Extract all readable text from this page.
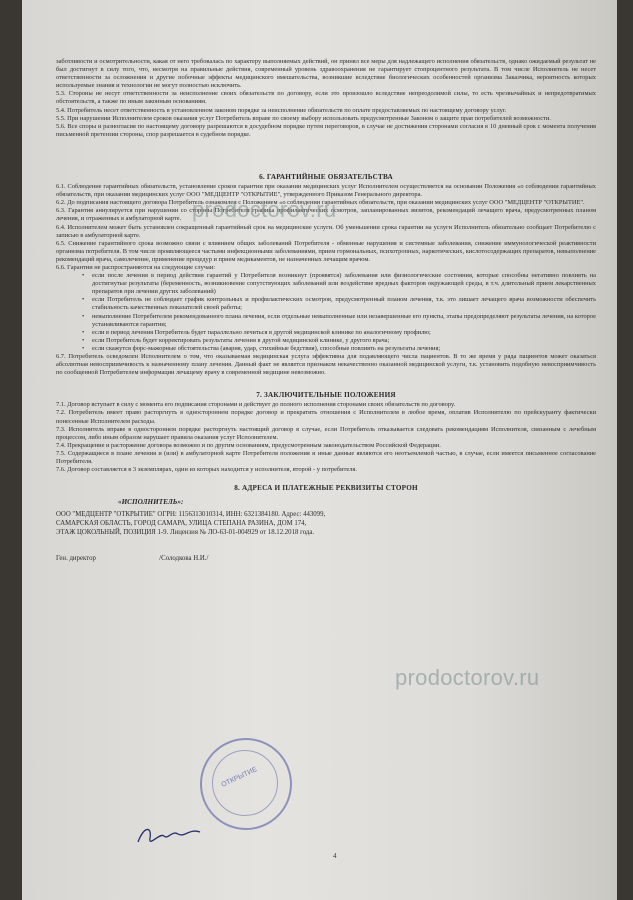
заботливости и осмотрительности, какая от него требовалась по характеру выполняемых действий, он принял все меры для надлежащего исполнения обязательств, однако ожидаемый результат не был достигнут в силу того, что, несмотря на правильные действия, современный уровень здравоохранения не гарантирует стопроцентного результата. В том числе Исполнитель не несет ответственности за осложнения и другие побочные эффекты медицинского вмешательства, возникшие вследствие биологических особенностей организма Заказчика, вероятность которых используемые знания и технологии не могут полностью исключить.

5.3. Стороны не несут ответственности за неисполнение своих обязательств по договору, если это произошло вследствие непреодолимой силы, то есть чрезвычайных и непредотвратимых обстоятельств, а также по иным законным основаниям.

5.4. Потребитель несет ответственность в установленном законом порядке за неисполнение обязательств по оплате предоставляемых по настоящему договору услуг.

5.5. При нарушении Исполнителем сроков оказания услуг Потребитель вправе по своему выбору использовать предусмотренные Законом о защите прав потребителей возможности.

5.6. Все споры и разногласия по настоящему договору разрешаются в досудебном порядке путем переговоров, в случае не достижения сторонами согласия в 10 дневный срок с момента получения письменной претензии стороны, спор разрешается в судебном порядке.

6. ГАРАНТИЙНЫЕ ОБЯЗАТЕЛЬСТВА

6.1. Соблюдение гарантийных обязательств, установление сроков гарантии при оказании медицинских услуг Исполнителем осуществляется на основании Положения «о соблюдении гарантийных обязательств, при оказании медицинских услуг ООО "МЕДЦЕНТР "ОТКРЫТИЕ", утвержденного Приказом Генерального директора.

6.2. До подписания настоящего договора Потребитель ознакомлен с Положением «о соблюдении гарантийных обязательств, при оказании медицинских услуг ООО "МЕДЦЕНТР "ОТКРЫТИЕ".

6.3. Гарантия аннулируется при нарушении со стороны Потребителя графика профилактических осмотров, запланированных визитов, рекомендаций лечащего врача, предусмотренных планом лечения, и отраженных в амбулаторной карте.

6.4. Исполнителем может быть установлен сокращенный гарантийный срок на медицинские услуги. Об уменьшении срока гарантии на услуги Исполнитель обязательно сообщает Потребителю с записью в амбулаторной карте.

6.5. Снижение гарантийного срока возможно связи с влиянием общих заболеваний Потребителя - обменные нарушения и системные заболевания, снижение иммунологической реактивности организма потребителя. В том числе проявляющееся частыми инфекционными заболеваниями, прием гормональных, психотропных, наркотических, кислотосодержащих препаратов, невыполнение рекомендаций врача, самолечение, применение процедур и прием медикаментов, не назначенных лечащим врачом.

6.6. Гарантии не распространяются на следующие случаи:

• если после лечения в период действия гарантий у Потребителя возникнут (проявятся) заболевания или физиологические состояния, которые способны негативно повлиять на достигнутые результаты (беременность, возникновение сопутствующих заболеваний или воздействие вредных факторов окружающей среды, в т.ч. длительный прием лекарственных препаратов при лечении других заболеваний)
• если Потребитель не соблюдает график контрольных и профилактических осмотров, предусмотренный планом лечения, т.к. это лишает лечащего врача возможности обеспечить стабильность качественных показателей своей работы;
• невыполнение Потребителем рекомендованного плана лечения, если отдельные невыполненные или незавершенные его пункты, этапы предопределяют результаты лечения, на которое устанавливаются гарантии;
• если в период лечения Потребитель будет параллельно лечиться в другой медицинской клинике по аналогичному профилю;
• если Потребитель будет корректировать результаты лечения в другой медицинской клинике, у другого врача;
• если скажутся форс-мажорные обстоятельства (авария, удар, стихийные бедствия), способные повлиять на результаты лечения;

6.7. Потребитель осведомлен Исполнителем о том, что оказываемая медицинская услуга эффективна для подавляющего числа пациентов. В то же время у ряда пациентов может оказаться абсолютная невосприимчивость к назначенному плану лечения. Данный факт не является признаком некачественно оказанной медицинской услуги, т.к. установить подобную невосприимчивость по сообщенной Потребителем информации лечащему врачу в современной медицине невозможно.

7. ЗАКЛЮЧИТЕЛЬНЫЕ ПОЛОЖЕНИЯ

7.1. Договор вступает в силу с момента его подписания сторонами и действует до полного исполнения сторонами своих обязательств по договору.

7.2. Потребитель имеет право расторгнуть в одностороннем порядке договор и прекратить отношения с Исполнителем в любое время, оплатив Исполнителю по прейскуранту фактически понесенные Исполнителем расходы.

7.3. Исполнитель вправе в одностороннем порядке расторгнуть настоящий договор в случае, если Потребитель отказывается следовать рекомендациям Исполнителя, связанным с лечебным процессом, либо иным образом нарушает правила оказания услуг Исполнителем.

7.4. Прекращение и расторжение договора возможно и по другим основаниям, предусмотренным законодательством Российской Федерации.

7.5. Содержащиеся в плане лечения и (или) в амбулаторной карте Потребителя положения и иные данные являются его неотъемлемой частью, в случае, если имеется письменное согласование Потребителя.

7.6. Договор составляется в 3 экземплярах, один из которых находится у исполнителя, второй - у потребителя.

8. АДРЕСА И ПЛАТЕЖНЫЕ РЕКВИЗИТЫ СТОРОН
«ИСПОЛНИТЕЛЬ»:
ООО "МЕДЦЕНТР "ОТКРЫТИЕ" ОГРН: 1156313010314, ИНН: 6321384180. Адрес: 443099, САМАРСКАЯ ОБЛАСТЬ, ГОРОД САМАРА, УЛИЦА СТЕПАНА РАЗИНА, ДОМ 174, ЭТАЖ ЦОКОЛЬНЫЙ, ПОЗИЦИЯ 1-9. Лицензия № ЛО-63-01-004929 от 18.12.2018 года.
Ген. директор	/Солодкова Н.И./
ОТКРЫТИЕ
4
prodoctorov.ru
prodoctorov.ru
